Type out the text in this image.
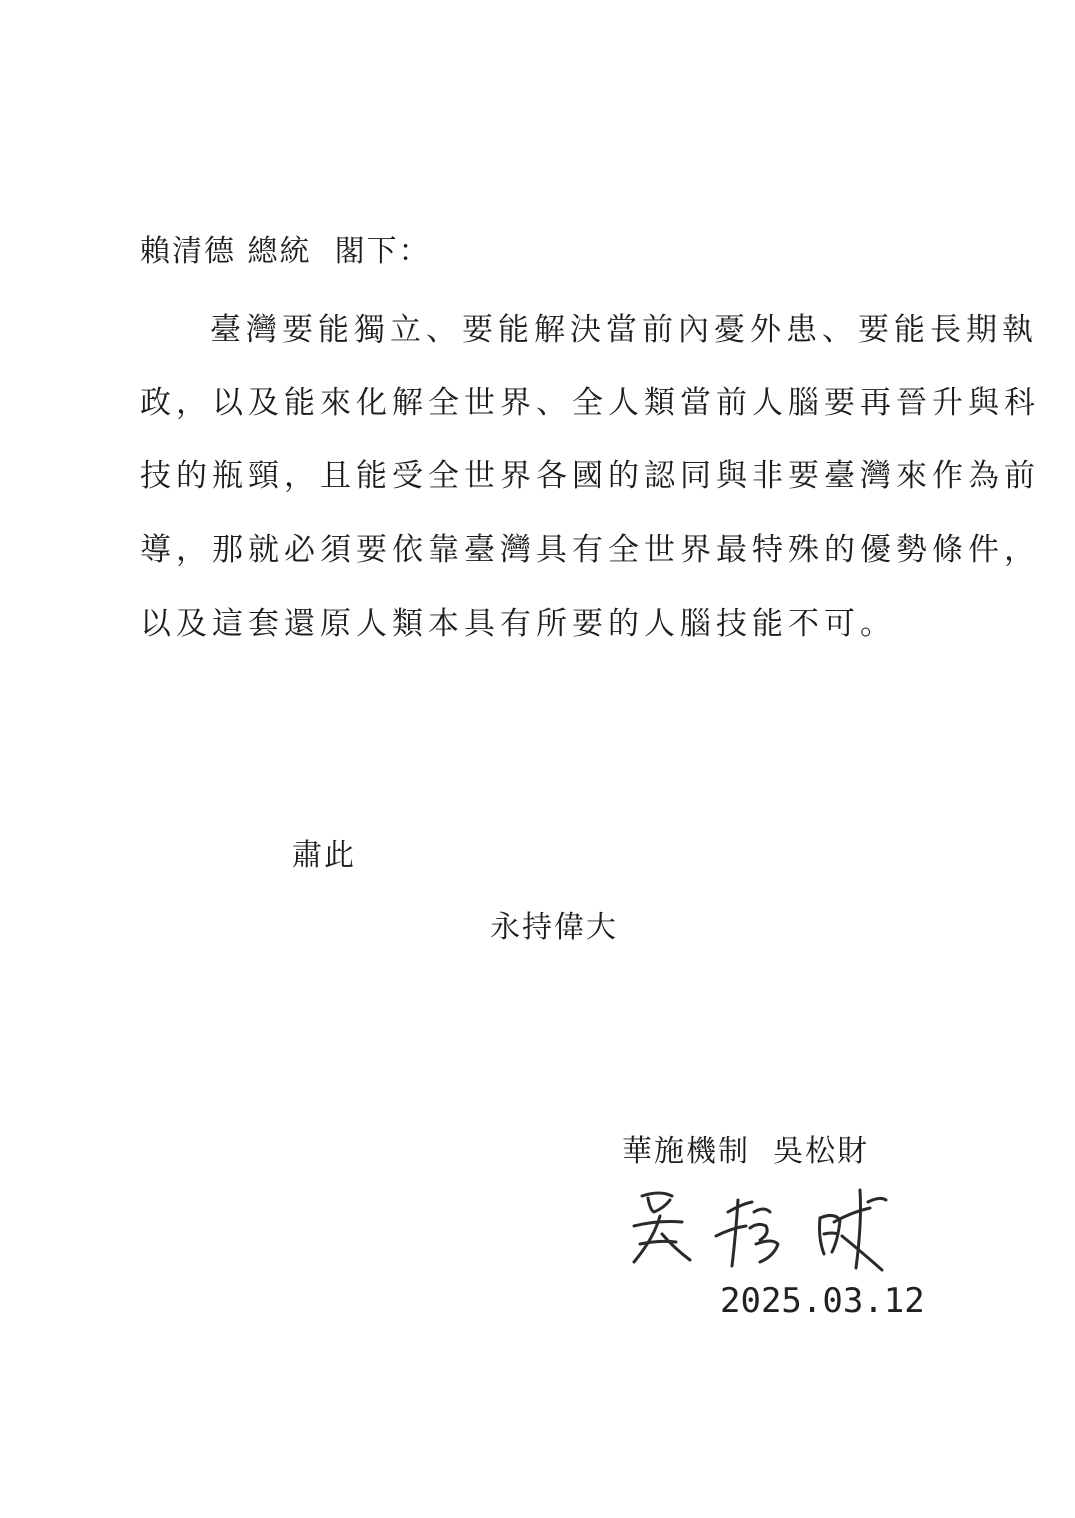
賴清德 總統  閣下：
臺灣要能獨立、要能解決當前內憂外患、要能長期執
政，以及能來化解全世界、全人類當前人腦要再晉升與科
技的瓶頸，且能受全世界各國的認同與非要臺灣來作為前
導，那就必須要依靠臺灣具有全世界最特殊的優勢條件，
以及這套還原人類本具有所要的人腦技能不可。
肅此
永持偉大
華施機制  吳松財
2025.03.12
